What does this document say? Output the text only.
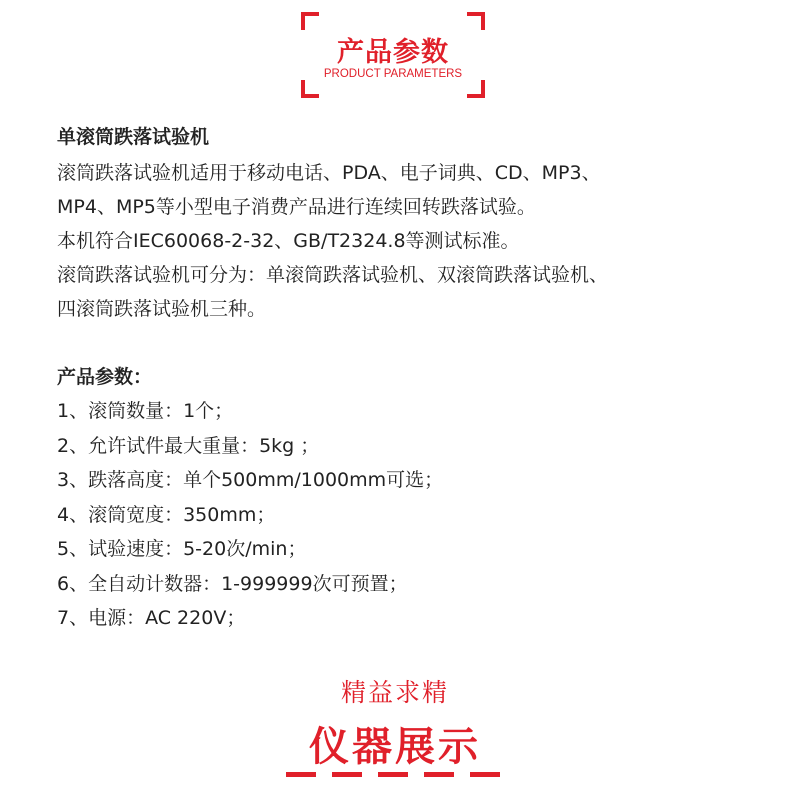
产品参数
PRODUCT PARAMETERS
单滚筒跌落试验机

滚筒跌落试验机适用于移动电话、PDA、电子词典、CD、MP3、

MP4、MP5等小型电子消费产品进行连续回转跌落试验。

本机符合IEC60068-2-32、GB/T2324.8等测试标准。

滚筒跌落试验机可分为：单滚筒跌落试验机、双滚筒跌落试验机、

四滚筒跌落试验机三种。

产品参数：
1、滚筒数量：1个；
2、允许试件最大重量：5kg ；
3、跌落高度：单个500mm/1000mm可选；
4、滚筒宽度：350mm；
5、试验速度：5-20次/min；
6、全自动计数器：1-999999次可预置；
7、电源：AC 220V；
精益求精
仪器展示
